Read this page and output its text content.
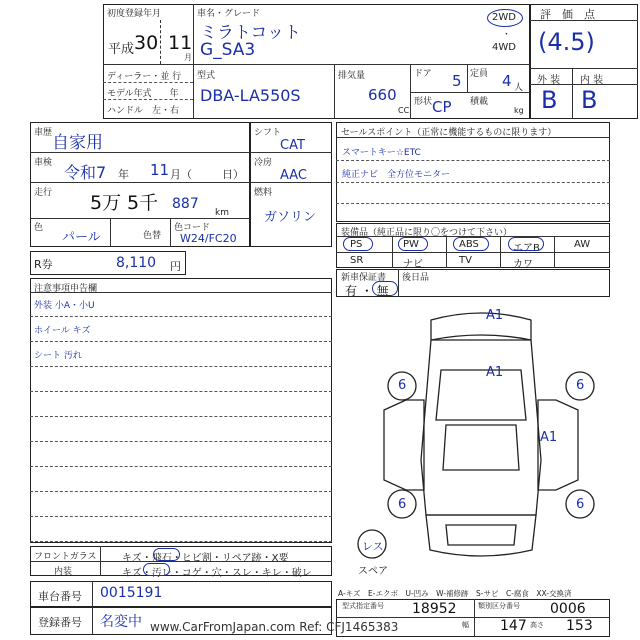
初度登録年月
平成 30 11
月
車名・グレード
ミラトコット
G_SA3
2WD
・
4WD
評　価　点
(4.5)
外 装 内 装
B B
ディーラー・並 行
モデル年式　　年
ハンドル　左・右
型式
DBA-LA550S
排気量
660
CC
ドア 5 定員 4 人
形状 CP 積載
kg
車歴 自家用
車検 令和7 年 11 月（	日）
走行 5万 5千 887
km
色
パール	色替
色コード
W24/FC20
シフト
CAT
冷房
AAC
燃料
ガソリン
セールスポイント（正常に機能するものに限ります）
スマートキー☆ETC
純正ナビ　全方位モニター
装備品（純正品に限り〇をつけて下さい）
PS	PW	ABS	エアB	AW
SR	ナビ	TV	カワ
新車保証書 後日品
有 ・ 無
R券	8,110 円
注意事項申告欄
外装 小A・小U
ホイール キズ
シート 汚れ
A1
A1
A1
6	6
6	6
レス
スペア
フロントガラス	キズ・飛石・ヒビ割・リペア跡・X要
内装	キズ・汚レ・コゲ・穴・スレ・キレ・破レ
A-キズ　E-エクボ　U-凹み　W-補修跡　S-サビ　C-腐食　XX-交換済
車台番号 0015191
登録番号 名変中
型式指定番号 18952	類別区分番号 0006
幅 147 高さ 153
www.CarFromJapan.com Ref: CFJ1465383
